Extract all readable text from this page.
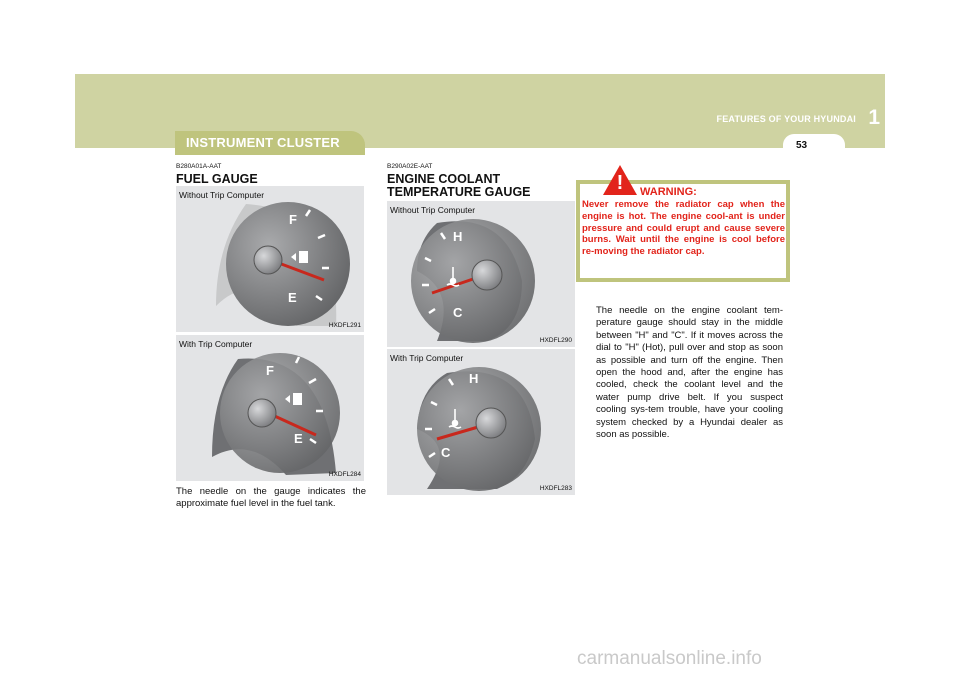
FEATURES OF YOUR HYUNDAI 1
53
INSTRUMENT CLUSTER
B280A01A-AAT
FUEL GAUGE
F
E
Without Trip Computer
HXDFL291
F
E
With Trip Computer
HXDFL284
The needle on the gauge indicates the approximate fuel level in the fuel tank.
B290A02E-AAT
ENGINE COOLANT
TEMPERATURE GAUGE
H
C
Without Trip Computer
HXDFL290
H
C
With Trip Computer
HXDFL283
! WARNING:
Never remove the radiator cap when the engine is hot. The engine cool-ant is under pressure and could erupt and cause severe burns. Wait until the engine is cool before re-moving the radiator cap.
The needle on the engine coolant tem-perature gauge should stay in the middle between "H" and "C". If it moves across the dial to "H" (Hot), pull over and stop as soon as possible and turn off the engine. Then open the hood and, after the engine has cooled, check the coolant level and the water pump drive belt. If you suspect cooling sys-tem trouble, have your cooling system checked by a Hyundai dealer as soon as possible.
carmanualsonline.info
